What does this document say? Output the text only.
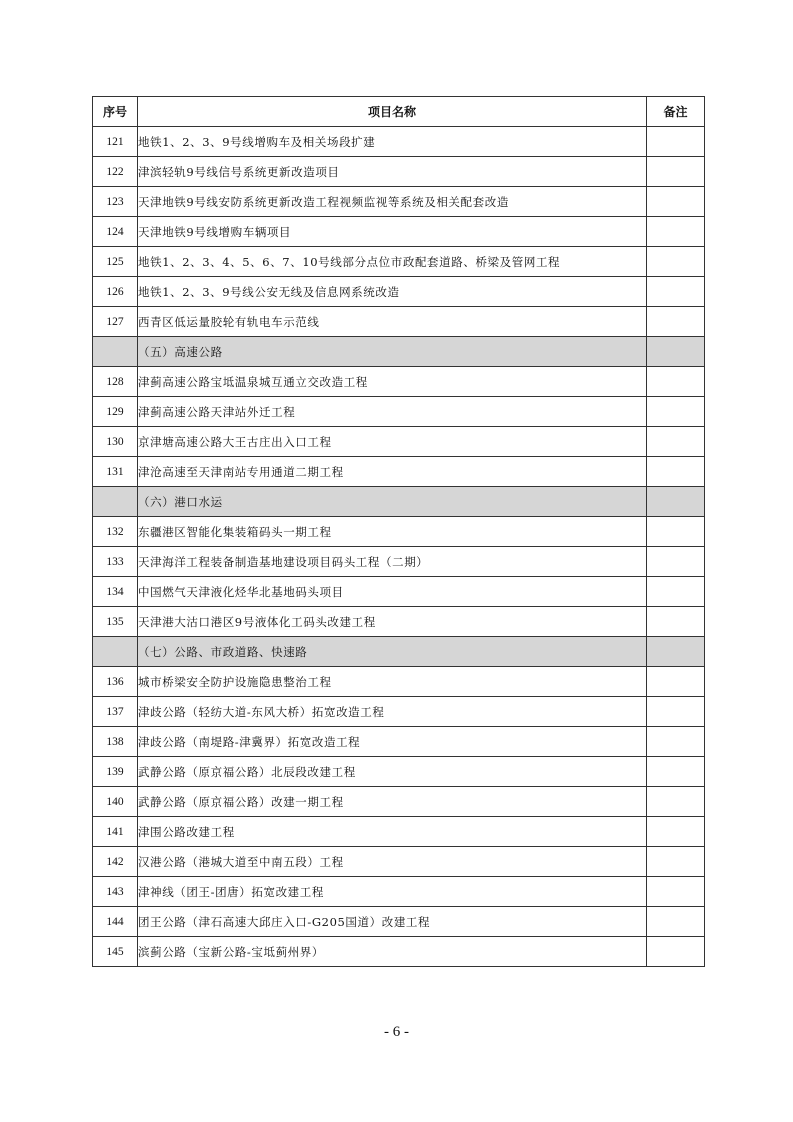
序号	项目名称	备注
121	地铁1、2、3、9号线增购车及相关场段扩建	
122	津滨轻轨9号线信号系统更新改造项目	
123	天津地铁9号线安防系统更新改造工程视频监视等系统及相关配套改造	
124	天津地铁9号线增购车辆项目	
125	地铁1、2、3、4、5、6、7、10号线部分点位市政配套道路、桥梁及管网工程	
126	地铁1、2、3、9号线公安无线及信息网系统改造	
127	西青区低运量胶轮有轨电车示范线	
	（五）高速公路	
128	津蓟高速公路宝坻温泉城互通立交改造工程	
129	津蓟高速公路天津站外迁工程	
130	京津塘高速公路大王古庄出入口工程	
131	津沧高速至天津南站专用通道二期工程	
	（六）港口水运	
132	东疆港区智能化集装箱码头一期工程	
133	天津海洋工程装备制造基地建设项目码头工程（二期）	
134	中国燃气天津液化烃华北基地码头项目	
135	天津港大沽口港区9号液体化工码头改建工程	
	（七）公路、市政道路、快速路	
136	城市桥梁安全防护设施隐患整治工程	
137	津歧公路（轻纺大道-东风大桥）拓宽改造工程	
138	津歧公路（南堤路-津冀界）拓宽改造工程	
139	武静公路（原京福公路）北辰段改建工程	
140	武静公路（原京福公路）改建一期工程	
141	津围公路改建工程	
142	汉港公路（港城大道至中南五段）工程	
143	津神线（团王-团唐）拓宽改建工程	
144	团王公路（津石高速大邱庄入口-G205国道）改建工程	
145	滨蓟公路（宝新公路-宝坻蓟州界）	
- 6 -
